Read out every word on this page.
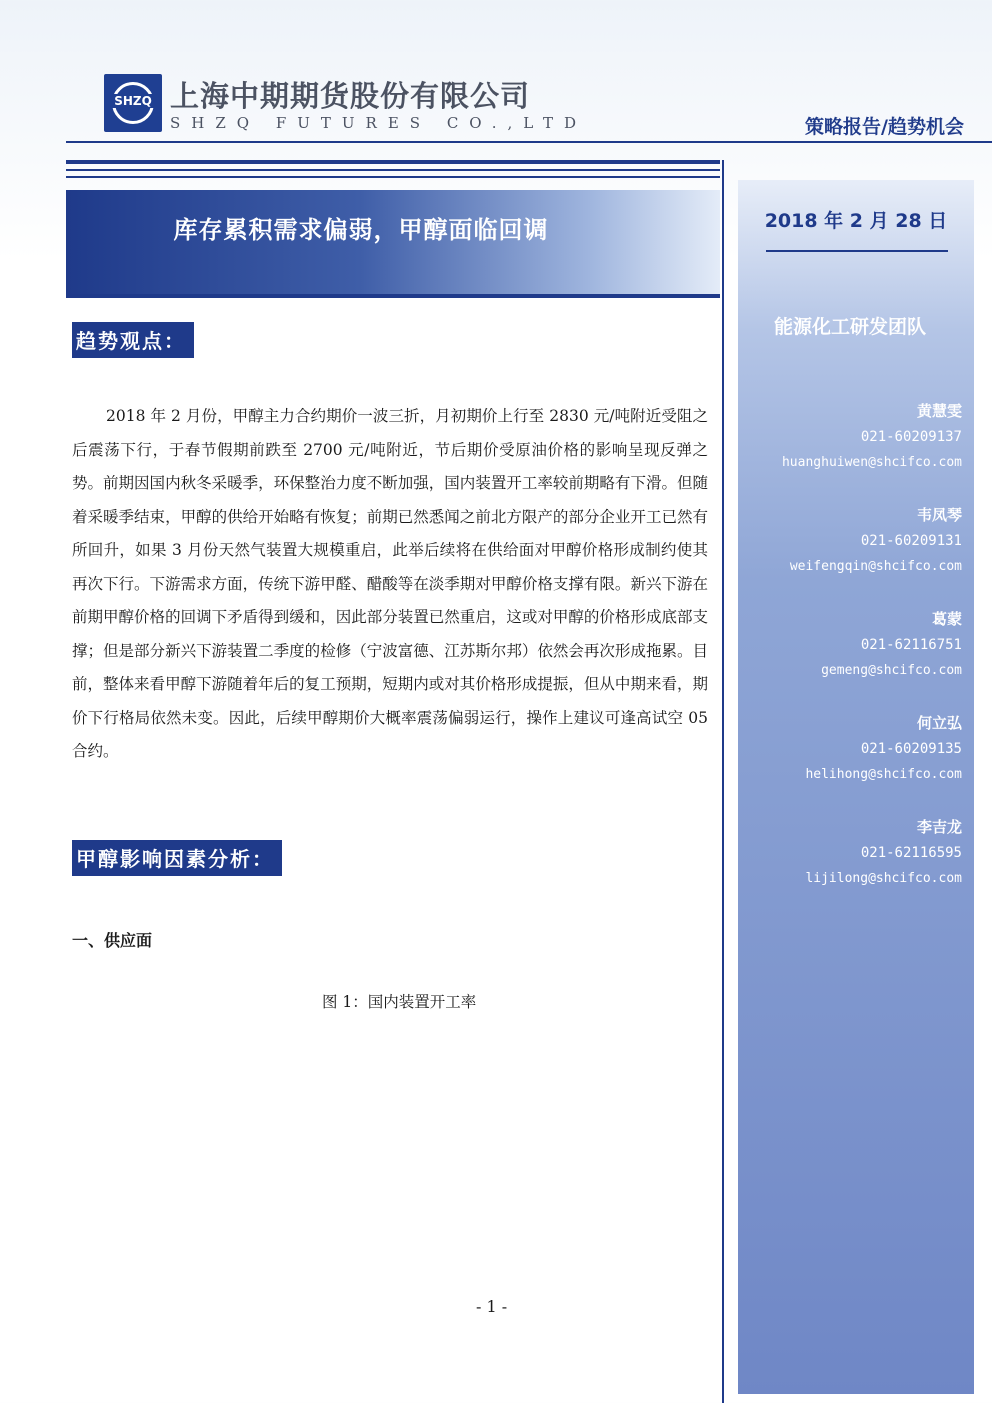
SHZQ 上海中期期货股份有限公司
SHZQ FUTURES CO.,LTD	策略报告/趋势机会
库存累积需求偏弱，甲醇面临回调	2018 年 2 月 28 日
能源化工研发团队
黄慧雯
021-60209137
huanghuiwen@shcifco.com
韦凤琴
021-60209131
weifengqin@shcifco.com
葛蒙
021-62116751
gemeng@shcifco.com
何立弘
021-60209135
helihong@shcifco.com
李吉龙
021-62116595
lijilong@shcifco.com
趋势观点：
2018 年 2 月份，甲醇主力合约期价一波三折，月初期价上行至 2830 元/吨附近受阻之后震荡下行，于春节假期前跌至 2700 元/吨附近，节后期价受原油价格的影响呈现反弹之势。前期因国内秋冬采暖季，环保整治力度不断加强，国内装置开工率较前期略有下滑。但随着采暖季结束，甲醇的供给开始略有恢复；前期已然悉闻之前北方限产的部分企业开工已然有所回升，如果 3 月份天然气装置大规模重启，此举后续将在供给面对甲醇价格形成制约使其再次下行。下游需求方面，传统下游甲醛、醋酸等在淡季期对甲醇价格支撑有限。新兴下游在前期甲醇价格的回调下矛盾得到缓和，因此部分装置已然重启，这或对甲醇的价格形成底部支撑；但是部分新兴下游装置二季度的检修（宁波富德、江苏斯尔邦）依然会再次形成拖累。目前，整体来看甲醇下游随着年后的复工预期，短期内或对其价格形成提振，但从中期来看，期价下行格局依然未变。因此，后续甲醇期价大概率震荡偏弱运行，操作上建议可逢高试空 05 合约。
甲醇影响因素分析：
一、供应面
图 1：国内装置开工率
- 1 -
